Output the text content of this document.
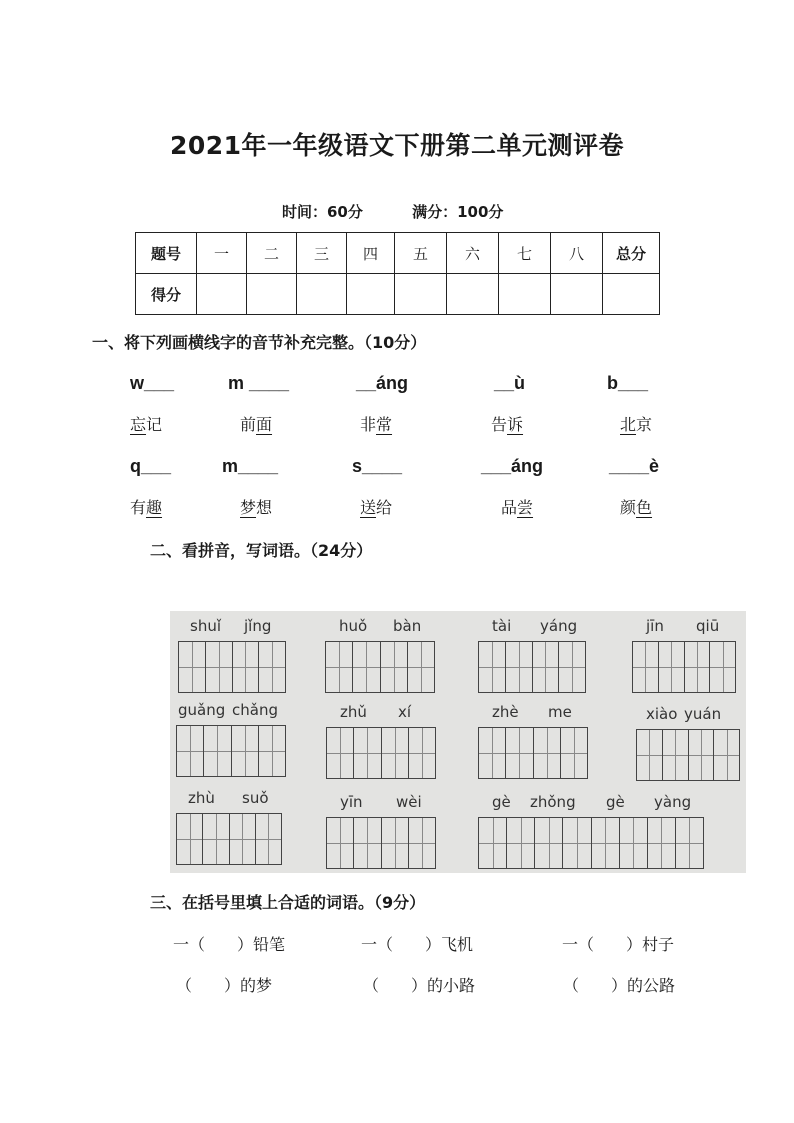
2021年一年级语文下册第二单元测评卷
时间：60分	满分：100分
题号	一	二	三	四	五	六	七	八	总分
得分									
一、将下列画横线字的音节补充完整。（10分）
w___	m ____	__áng	__ù	b___
忘记	前面	非常	告诉	北京
q___	m____	s____	___áng	____è
有趣	梦想	送给	品尝	颜色
二、看拼音，写词语。（24分）
shuǐ jǐng	huǒ bàn	tài yáng	jīn qiū
guǎng chǎng	zhǔ xí	zhè me	xiào yuán
zhù suǒ	yīn wèi	gè zhǒng gè yàng
三、在括号里填上合适的词语。（9分）
一（　　）铅笔	一（　　）飞机	一（　　）村子
（　　）的梦	（　　）的小路	（　　）的公路
